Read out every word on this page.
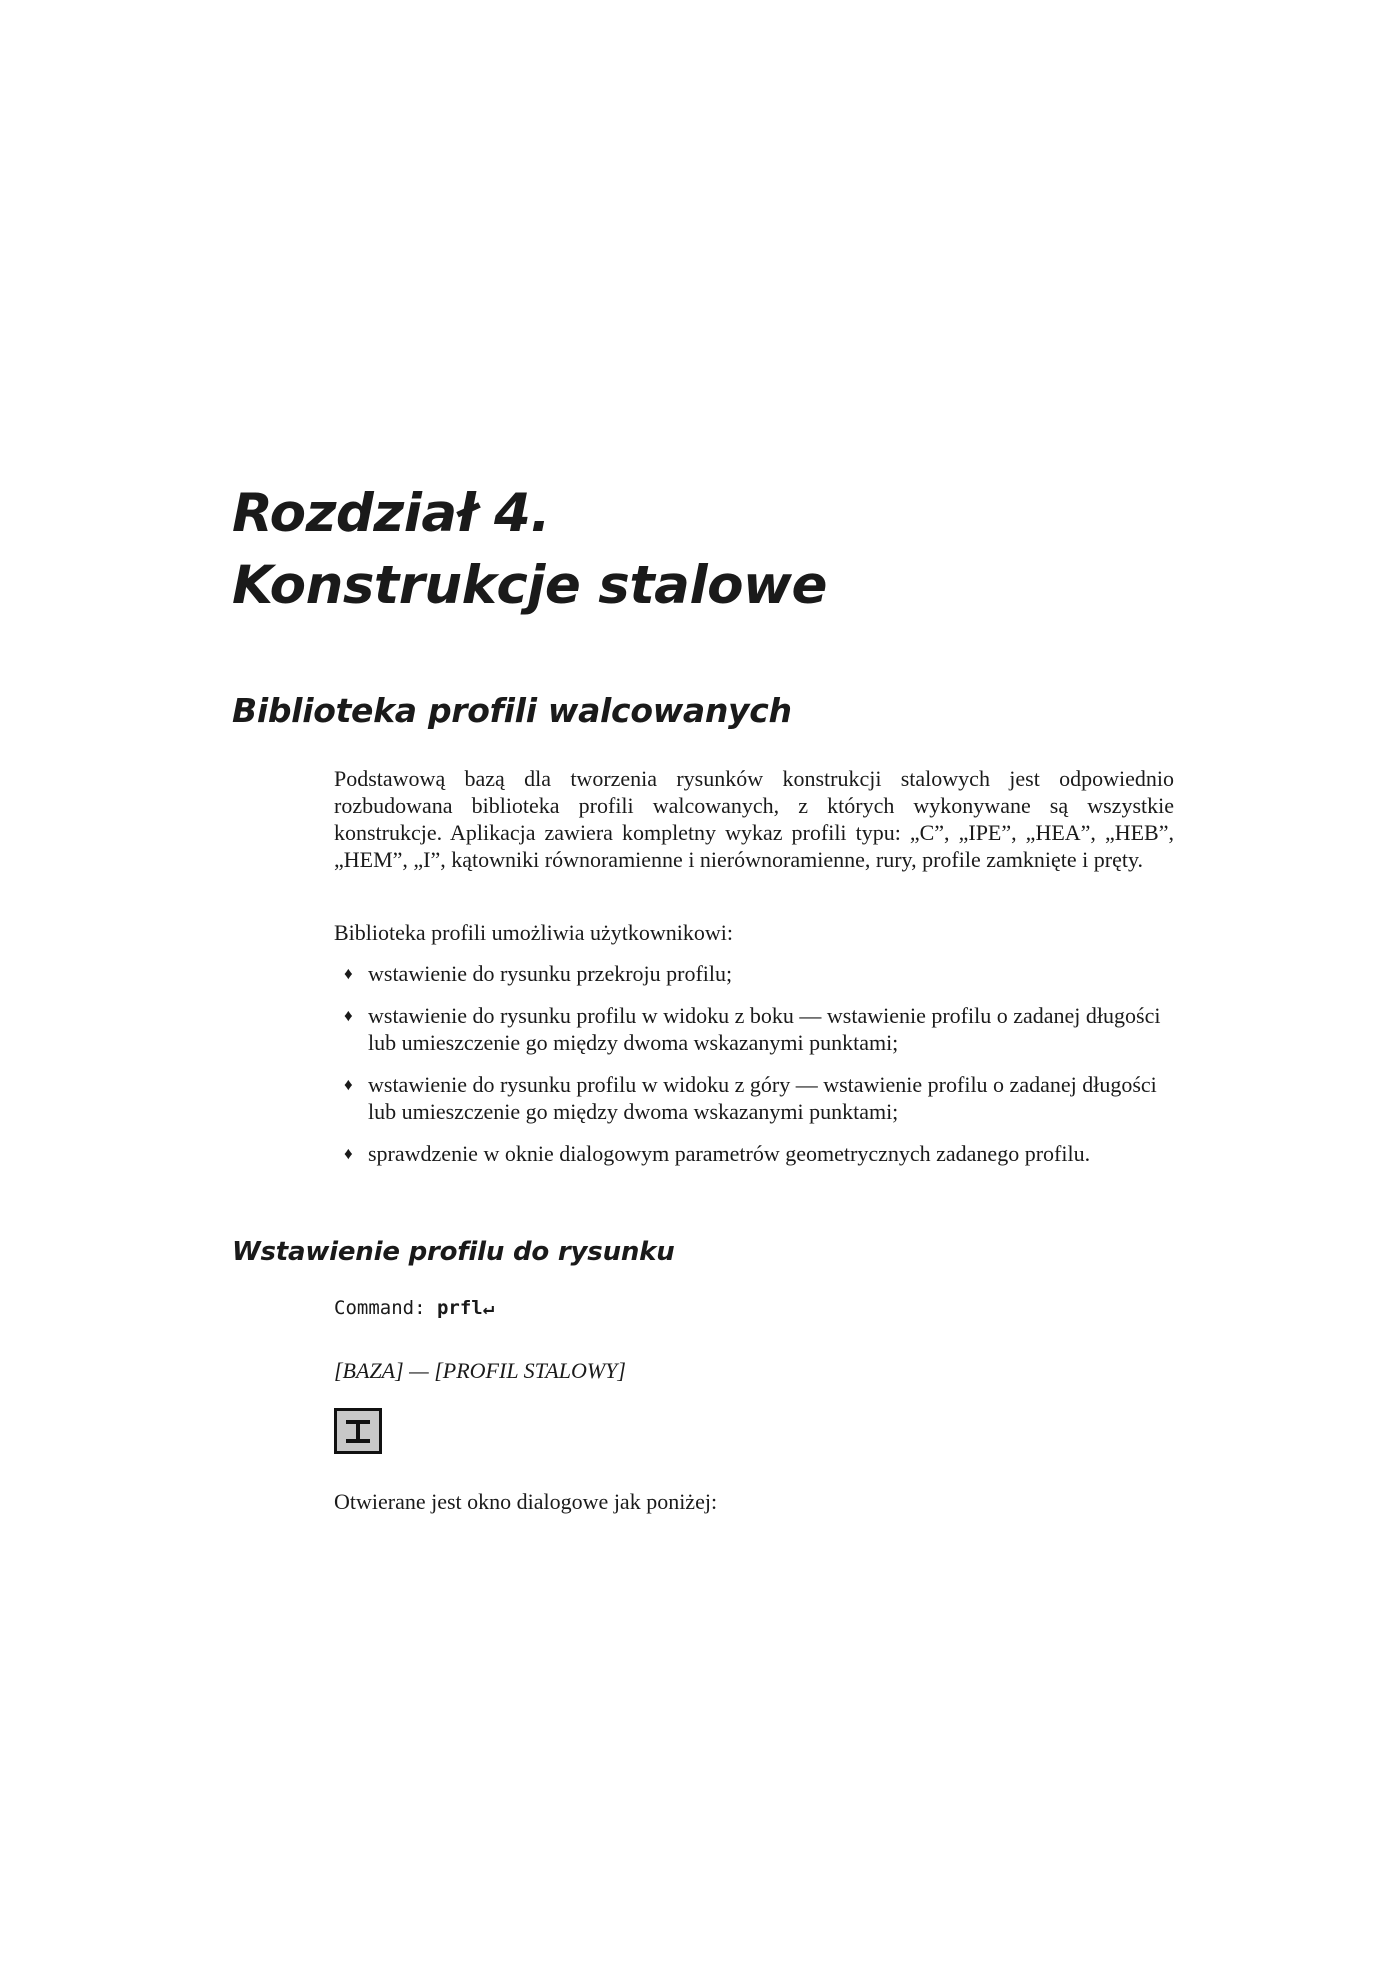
Rozdział 4.
Konstrukcje stalowe
Biblioteka profili walcowanych

Podstawową bazą dla tworzenia rysunków konstrukcji stalowych jest odpowiednio rozbudowana biblioteka profili walcowanych, z których wykonywane są wszystkie konstrukcje. Aplikacja zawiera kompletny wykaz profili typu: „C”, „IPE”, „HEA”, „HEB”, „HEM”, „I”, kątowniki równoramienne i nierównoramienne, rury, profile zamknięte i pręty.

Biblioteka profili umożliwia użytkownikowi:

♦ wstawienie do rysunku przekroju profilu;
♦ wstawienie do rysunku profilu w widoku z boku — wstawienie profilu o zadanej długości lub umieszczenie go między dwoma wskazanymi punktami;
♦ wstawienie do rysunku profilu w widoku z góry — wstawienie profilu o zadanej długości lub umieszczenie go między dwoma wskazanymi punktami;
♦ sprawdzenie w oknie dialogowym parametrów geometrycznych zadanego profilu.
Wstawienie profilu do rysunku

Command: prfl↵

[BAZA] — [PROFIL STALOWY]

Otwierane jest okno dialogowe jak poniżej:
